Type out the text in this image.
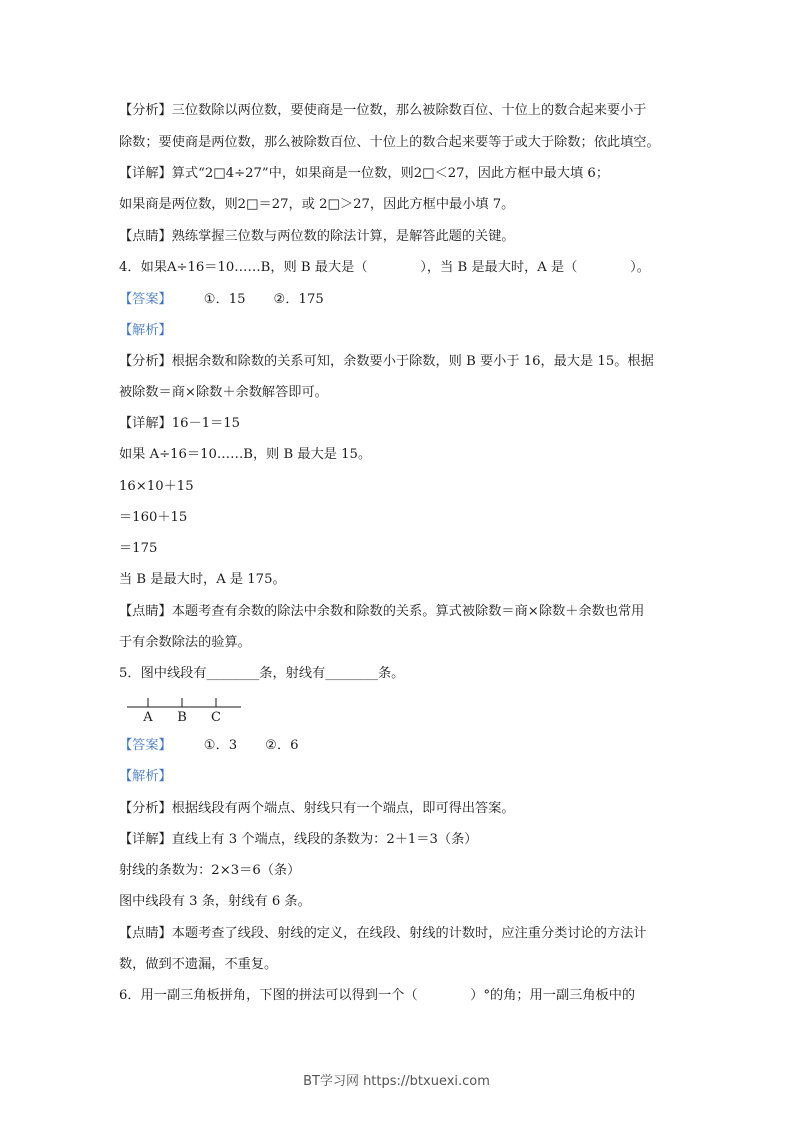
【分析】三位数除以两位数，要使商是一位数，那么被除数百位、十位上的数合起来要小于
除数；要使商是两位数，那么被除数百位、十位上的数合起来要等于或大于除数；依此填空。
【详解】算式“2□4÷27”中，如果商是一位数，则2□＜27，因此方框中最大填 6；
如果商是两位数，则2□＝27，或 2□＞27，因此方框中最小填 7。
【点睛】熟练掌握三位数与两位数的除法计算，是解答此题的关键。
4．如果A÷16＝10……B，则 B 最大是（　　　　），当 B 是最大时，A 是（　　　　）。
【答案】 ①．15 ②．175
【解析】
【分析】根据余数和除数的关系可知，余数要小于除数，则 B 要小于 16，最大是 15。根据
被除数＝商×除数＋余数解答即可。
【详解】16－1＝15
如果 A÷16＝10……B，则 B 最大是 15。
16×10＋15
＝160＋15
＝175
当 B 是最大时，A 是 175。
【点睛】本题考查有余数的除法中余数和除数的关系。算式被除数＝商×除数＋余数也常用
于有余数除法的验算。
5．图中线段有________条，射线有________条。
A B C
【答案】 ①．3 ②．6
【解析】
【分析】根据线段有两个端点、射线只有一个端点，即可得出答案。
【详解】直线上有 3 个端点，线段的条数为：2＋1＝3（条）
射线的条数为：2×3＝6（条）
图中线段有 3 条，射线有 6 条。
【点睛】本题考查了线段、射线的定义，在线段、射线的计数时，应注重分类讨论的方法计
数，做到不遗漏，不重复。
6．用一副三角板拼角，下图的拼法可以得到一个（　　　　）°的角；用一副三角板中的
BT学习网 https://btxuexi.com
